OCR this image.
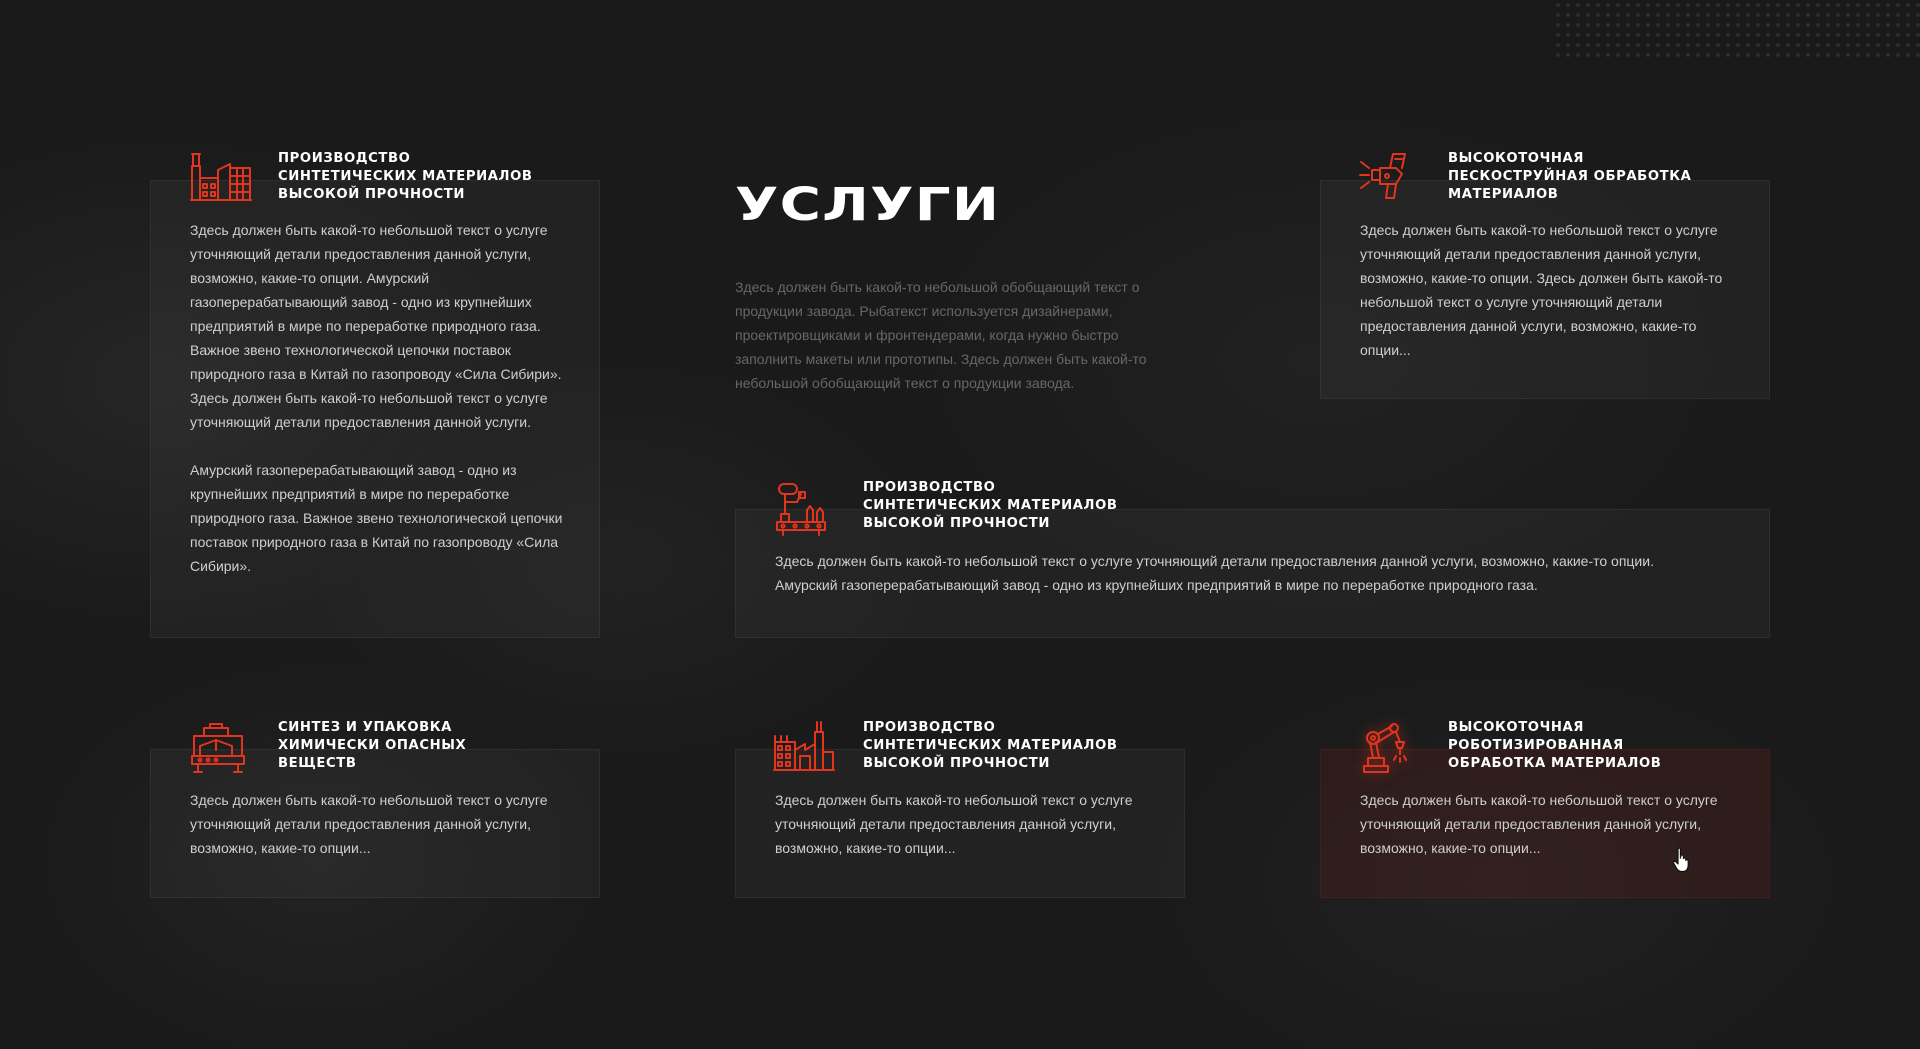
УСЛУГИ
Здесь должен быть какой-то небольшой обобщающий текст о продукции завода. Рыбатекст используется дизайнерами, проектировщиками и фронтендерами, когда нужно быстро заполнить макеты или прототипы. Здесь должен быть какой-то небольшой обобщающий текст о продукции завода.
ПРОИЗВОДСТВО
СИНТЕТИЧЕСКИХ МАТЕРИАЛОВ
ВЫСОКОЙ ПРОЧНОСТИ

Здесь должен быть какой-то небольшой текст о услуге уточняющий детали предоставления данной услуги, возможно, какие-то опции. Амурский газоперерабатывающий завод - одно из крупнейших предприятий в мире по переработке природного газа. Важное звено технологической цепочки поставок природного газа в Китай по газопроводу «Сила Сибири». Здесь должен быть какой-то небольшой текст о услуге уточняющий детали предоставления данной услуги.

Амурский газоперерабатывающий завод - одно из крупнейших предприятий в мире по переработке природного газа. Важное звено технологической цепочки поставок природного газа в Китай по газопроводу «Сила Сибири».

ВЫСОКОТОЧНАЯ
ПЕСКОСТРУЙНАЯ ОБРАБОТКА
МАТЕРИАЛОВ
Здесь должен быть какой-то небольшой текст о услуге уточняющий детали предоставления данной услуги, возможно, какие-то опции. Здесь должен быть какой-то небольшой текст о услуге уточняющий детали предоставления данной услуги, возможно, какие-то опции...
ПРОИЗВОДСТВО
СИНТЕТИЧЕСКИХ МАТЕРИАЛОВ
ВЫСОКОЙ ПРОЧНОСТИ
Здесь должен быть какой-то небольшой текст о услуге уточняющий детали предоставления данной услуги, возможно, какие-то опции.
Амурский газоперерабатывающий завод - одно из крупнейших предприятий в мире по переработке природного газа.
СИНТЕЗ И УПАКОВКА
ХИМИЧЕСКИ ОПАСНЫХ
ВЕЩЕСТВ
Здесь должен быть какой-то небольшой текст о услуге уточняющий детали предоставления данной услуги, возможно, какие-то опции...
ПРОИЗВОДСТВО
СИНТЕТИЧЕСКИХ МАТЕРИАЛОВ
ВЫСОКОЙ ПРОЧНОСТИ
Здесь должен быть какой-то небольшой текст о услуге уточняющий детали предоставления данной услуги, возможно, какие-то опции...
ВЫСОКОТОЧНАЯ
РОБОТИЗИРОВАННАЯ
ОБРАБОТКА МАТЕРИАЛОВ
Здесь должен быть какой-то небольшой текст о услуге уточняющий детали предоставления данной услуги, возможно, какие-то опции...
